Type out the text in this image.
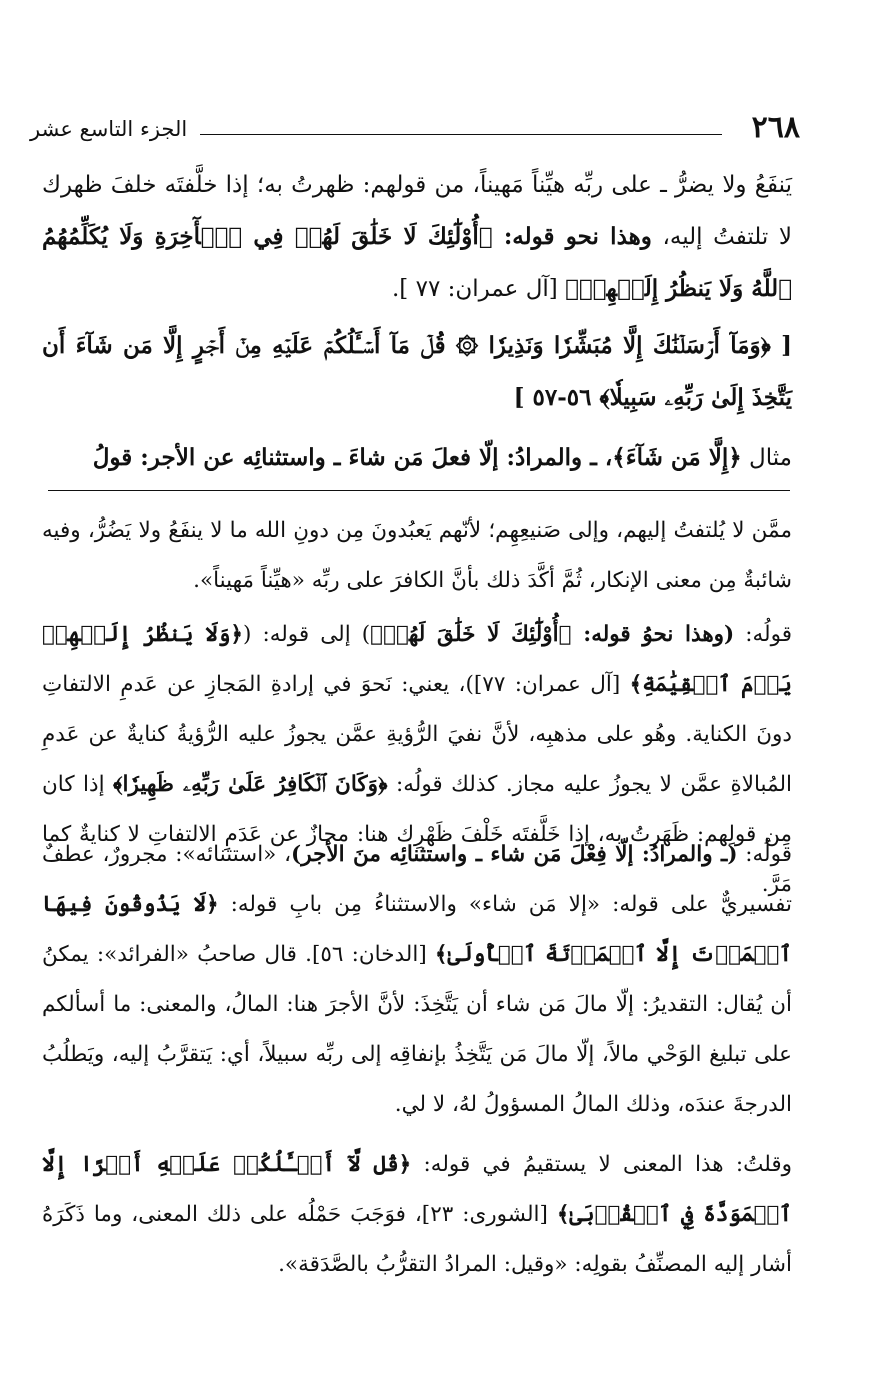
٢٦٨
الجزء التاسع عشر

يَنفَعُ ولا يضرُّ ـ على ربِّه هيِّناً مَهيناً، من قولهم: ظهرتُ به؛ إذا خلَّفتَه خلفَ ظهرك لا تلتفتُ إليه، وهذا نحو قوله: ﴿أُوْلَٰٓئِكَ لَا خَلَٰقَ لَهُمۡ فِي ٱلۡأٓخِرَةِ وَلَا يُكَلِّمُهُمُ ٱللَّهُ وَلَا يَنظُرُ إِلَيۡهِمۡ﴾ [آل عمران: ٧٧ ].

[ ﴿وَمَآ أَرۡسَلۡنَٰكَ إِلَّا مُبَشِّرٗا وَنَذِيرٗا ۞ قُلۡ مَآ أَسۡـَٔلُكُمۡ عَلَيۡهِ مِنۡ أَجۡرٍ إِلَّا مَن شَآءَ أَن يَتَّخِذَ إِلَىٰ رَبِّهِۦ سَبِيلٗا﴾ ٥٦-٥٧ ]

مثال ﴿إِلَّا مَن شَآءَ﴾، ـ والمرادُ: إلّا فعلَ مَن شاءَ ـ واستثنائِه عن الأجر: قولُ

ممَّن لا يُلتفتُ إليهم، وإلى صَنيعِهِم؛ لأنّهم يَعبُدونَ مِن دونِ الله ما لا ينفَعُ ولا يَضُرُّ، وفيه شائبةٌ مِن معنى الإنكار، ثُمَّ أكَّدَ ذلك بأنَّ الكافرَ على ربِّه «هيِّناً مَهيناً».

قولُه: (وهذا نحوُ قوله: ﴿أُوْلَٰٓئِكَ لَا خَلَٰقَ لَهُمۡ﴾) إلى قوله: (﴿وَلَا يَنظُرُ إِلَيۡهِمۡ يَوۡمَ ٱلۡقِيَٰمَةِ﴾ [آل عمران: ٧٧])، يعني: نَحوَ في إرادةِ المَجازِ عن عَدمِ الالتفاتِ دونَ الكناية. وهُو على مذهبِه، لأنَّ نفيَ الرُّؤيةِ عمَّن يجوزُ عليه الرُّؤيةُ كنايةٌ عن عَدمِ المُبالاةِ عمَّن لا يجوزُ عليه مجاز. كذلك قولُه: ﴿وَكَانَ ٱلۡكَافِرُ عَلَىٰ رَبِّهِۦ ظَهِيرٗا﴾ إذا كان مِن قولِهم: ظَهَرتُ به، إذا خَلَّفتَه خَلْفَ ظَهْرِك هنا: مجازٌ عن عَدَمِ الالتفاتِ لا كنايةٌ كما مَرَّ.

قولُه: (ـ والمرادُ: إلّا فِعْلَ مَن شاء ـ واستثنائِه منَ الأجر)، «استثنائه»: مجرورٌ، عطفٌ تفسيريٌّ على قوله: «إلا مَن شاء» والاستثناءُ مِن بابِ قوله: ﴿لَا يَذُوقُونَ فِيهَا ٱلۡمَوۡتَ إِلَّا ٱلۡمَوۡتَةَ ٱلۡأُولَىٰ﴾ [الدخان: ٥٦]. قال صاحبُ «الفرائد»: يمكنُ أن يُقال: التقديرُ: إلّا مالَ مَن شاء أن يَتَّخِذَ: لأنَّ الأجرَ هنا: المالُ، والمعنى: ما أسألكم على تبليغ الوَحْي مالاً، إلّا مالَ مَن يَتَّخِذُ بإنفاقِه إلى ربِّه سبيلاً، أي: يَتقرَّبُ إليه، ويَطلُبُ الدرجةَ عندَه، وذلك المالُ المسؤولُ لهُ، لا لي.

وقلتُ: هذا المعنى لا يستقيمُ في قوله: ﴿قُل لَّآ أَسۡـَٔلُكُمۡ عَلَيۡهِ أَجۡرًا إِلَّا ٱلۡمَوَدَّةَ فِي ٱلۡقُرۡبَىٰ﴾ [الشورى: ٢٣]، فوَجَبَ حَمْلُه على ذلك المعنى، وما ذَكَرَهُ أشار إليه المصنِّفُ بقولِه: «وقيل: المرادُ التقرُّبُ بالصَّدَقة».
